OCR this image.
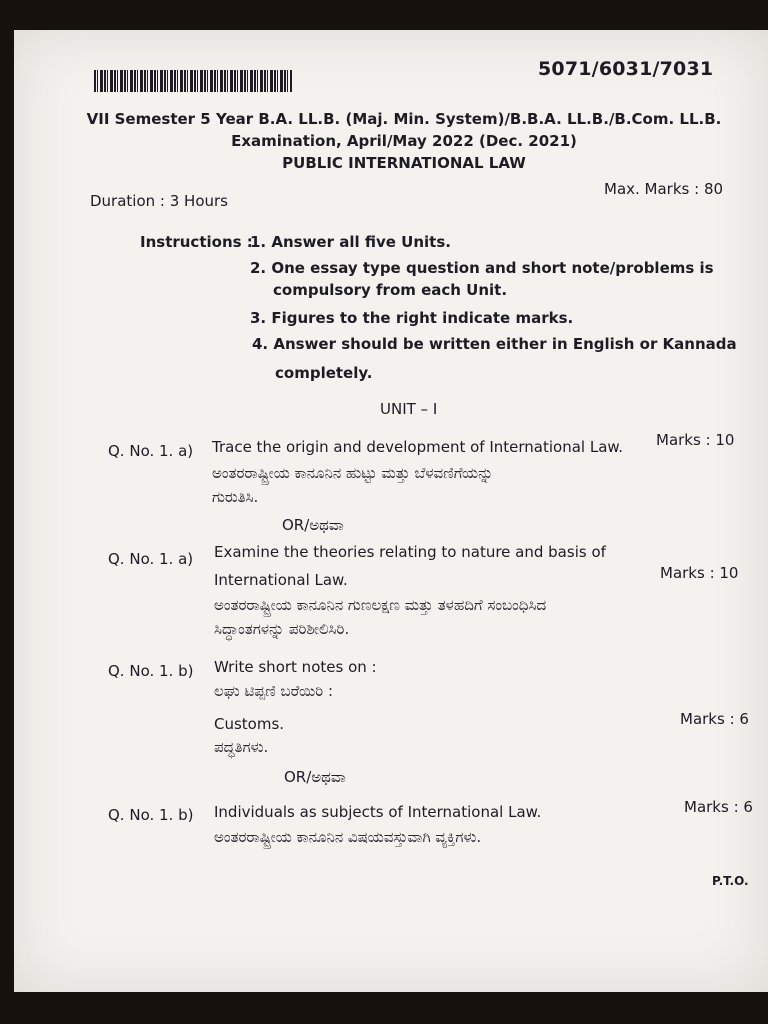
5071/6031/7031
VII Semester 5 Year B.A. LL.B. (Maj. Min. System)/B.B.A. LL.B./B.Com. LL.B.
Examination, April/May 2022 (Dec. 2021)
PUBLIC INTERNATIONAL LAW
Duration : 3 Hours
Max. Marks : 80
Instructions :
1. Answer all five Units.
2. One essay type question and short note/problems is
compulsory from each Unit.
3. Figures to the right indicate marks.
4. Answer should be written either in English or Kannada
completely.
UNIT – I
Q. No. 1. a) Trace the origin and development of International Law. Marks : 10
ಅಂತರರಾಷ್ಟ್ರೀಯ ಕಾನೂನಿನ ಹುಟ್ಟು ಮತ್ತು ಬೆಳವಣಿಗೆಯನ್ನು
ಗುರುತಿಸಿ.
OR/ಅಥವಾ
Q. No. 1. a) Examine the theories relating to nature and basis of
International Law.	Marks : 10
ಅಂತರರಾಷ್ಟ್ರೀಯ ಕಾನೂನಿನ ಗುಣಲಕ್ಷಣ ಮತ್ತು ತಳಹದಿಗೆ ಸಂಬಂಧಿಸಿದ
ಸಿದ್ಧಾಂತಗಳನ್ನು ಪರಿಶೀಲಿಸಿರಿ.
Q. No. 1. b) Write short notes on :
ಲಘು ಟಿಪ್ಪಣಿ ಬರೆಯಿರಿ :
Customs.	Marks : 6
ಪದ್ಧತಿಗಳು.
OR/ಅಥವಾ
Q. No. 1. b) Individuals as subjects of International Law.	Marks : 6
ಅಂತರರಾಷ್ಟ್ರೀಯ ಕಾನೂನಿನ ವಿಷಯವಸ್ತುವಾಗಿ ವ್ಯಕ್ತಿಗಳು.
P.T.O.
